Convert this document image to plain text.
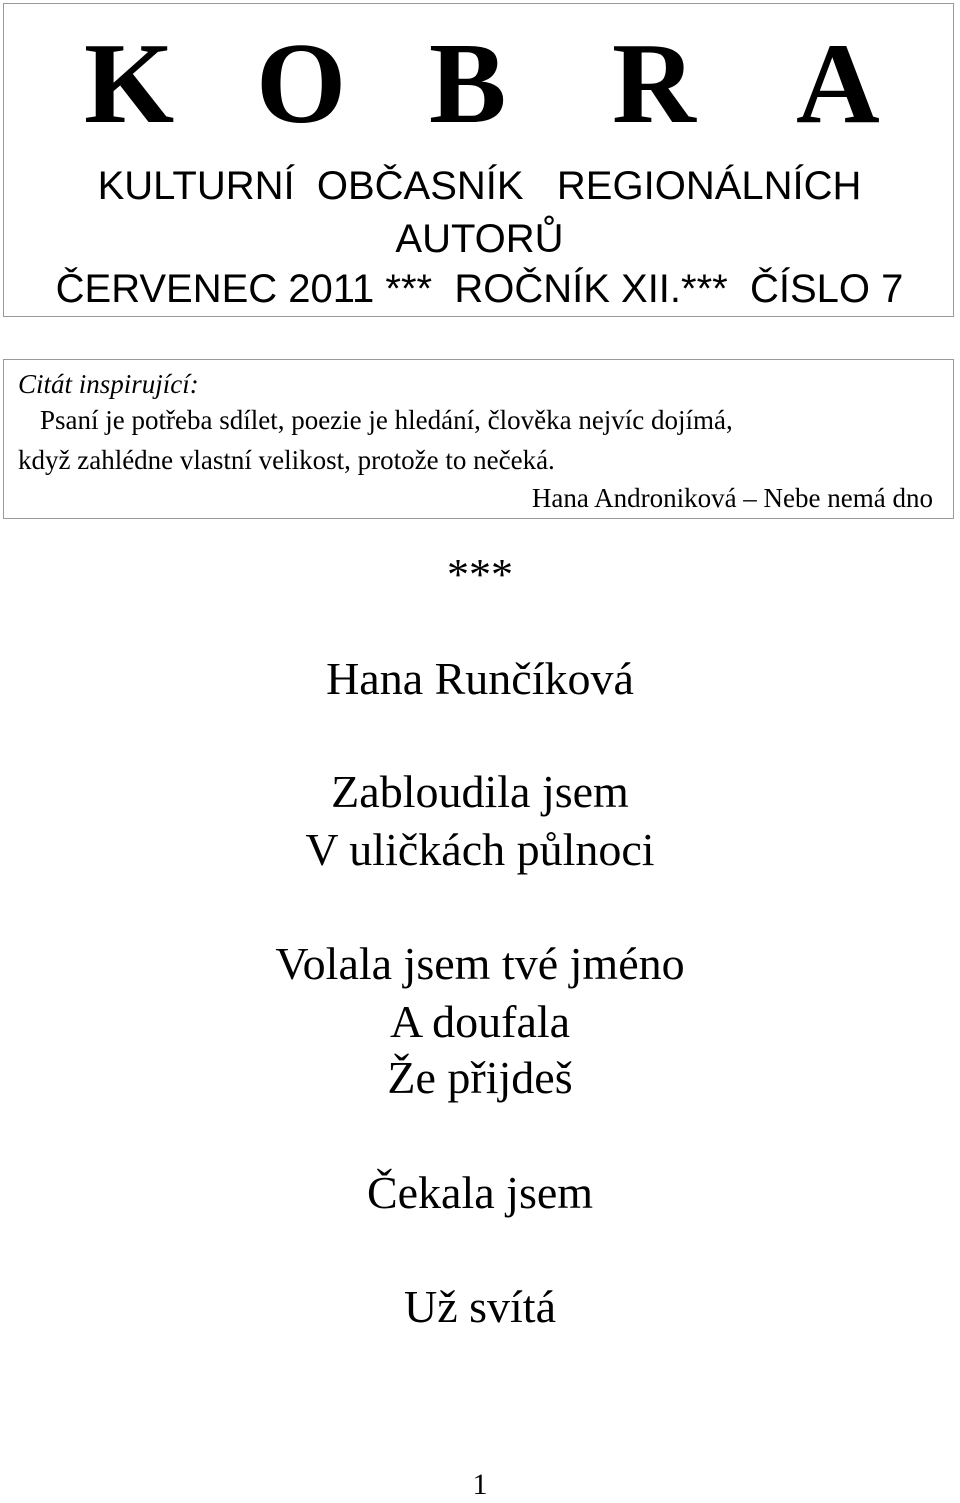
K O B R A
KULTURNÍ  OBČASNÍK   REGIONÁLNÍCH
AUTORŮ
ČERVENEC 2011 ***  ROČNÍK XII.***  ČÍSLO 7
Citát inspirující:
Psaní je potřeba sdílet, poezie je hledání, člověka nejvíc dojímá,
když zahlédne vlastní velikost, protože to nečeká.
Hana Androniková – Nebe nemá dno
***
Hana Runčíková
Zabloudila jsem
V uličkách půlnoci
Volala jsem tvé jméno
A doufala
Že přijdeš
Čekala jsem
Už svítá
1
